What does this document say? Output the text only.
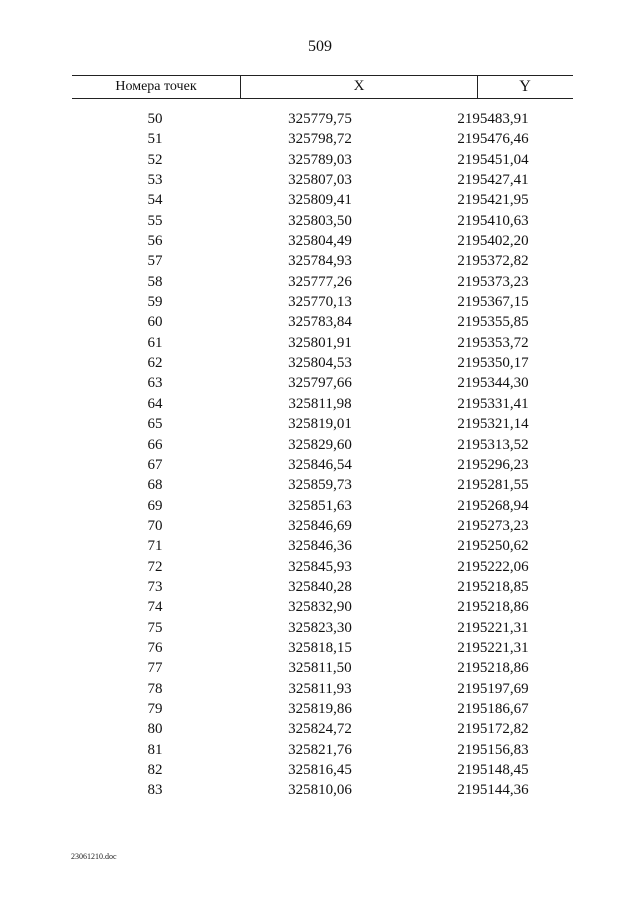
509
Номера точек	X	Y
50	325779,75	2195483,91
51	325798,72	2195476,46
52	325789,03	2195451,04
53	325807,03	2195427,41
54	325809,41	2195421,95
55	325803,50	2195410,63
56	325804,49	2195402,20
57	325784,93	2195372,82
58	325777,26	2195373,23
59	325770,13	2195367,15
60	325783,84	2195355,85
61	325801,91	2195353,72
62	325804,53	2195350,17
63	325797,66	2195344,30
64	325811,98	2195331,41
65	325819,01	2195321,14
66	325829,60	2195313,52
67	325846,54	2195296,23
68	325859,73	2195281,55
69	325851,63	2195268,94
70	325846,69	2195273,23
71	325846,36	2195250,62
72	325845,93	2195222,06
73	325840,28	2195218,85
74	325832,90	2195218,86
75	325823,30	2195221,31
76	325818,15	2195221,31
77	325811,50	2195218,86
78	325811,93	2195197,69
79	325819,86	2195186,67
80	325824,72	2195172,82
81	325821,76	2195156,83
82	325816,45	2195148,45
83	325810,06	2195144,36
23061210.doc
